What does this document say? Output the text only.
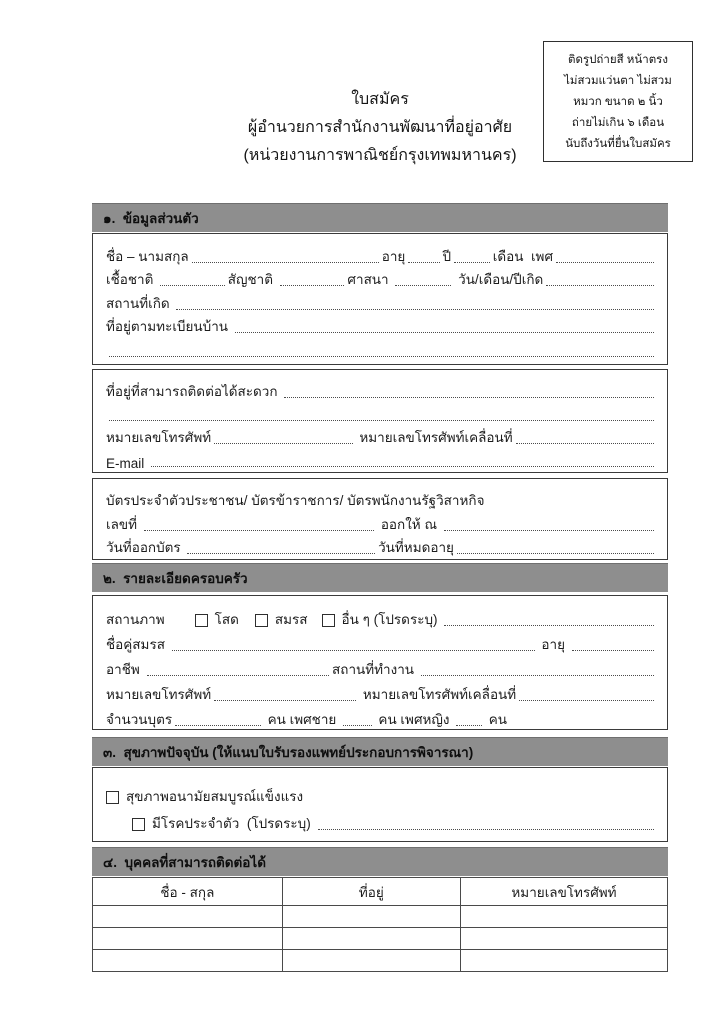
ใบสมัคร
ผู้อำนวยการสำนักงานพัฒนาที่อยู่อาศัย
(หน่วยงานการพาณิชย์กรุงเทพมหานคร)
ติดรูปถ่ายสี หน้าตรง
ไม่สวมแว่นตา ไม่สวม
หมวก ขนาด ๒ นิ้ว
ถ่ายไม่เกิน ๖ เดือน
นับถึงวันที่ยื่นใบสมัคร
๑.  ข้อมูลส่วนตัว
ชื่อ – นามสกุล	อายุ	ปี	เดือน  เพศ
เชื้อชาติ	สัญชาติ	ศาสนา	วัน/เดือน/ปีเกิด
สถานที่เกิด
ที่อยู่ตามทะเบียนบ้าน
ที่อยู่ที่สามารถติดต่อได้สะดวก
หมายเลขโทรศัพท์	หมายเลขโทรศัพท์เคลื่อนที่
E-mail
บัตรประจำตัวประชาชน/ บัตรข้าราชการ/ บัตรพนักงานรัฐวิสาหกิจ
เลขที่	ออกให้ ณ
วันที่ออกบัตร	วันที่หมดอายุ
๒.  รายละเอียดครอบครัว
สถานภาพ	โสด	สมรส	อื่น ๆ (โปรดระบุ)
ชื่อคู่สมรส	อายุ
อาชีพ	สถานที่ทำงาน
หมายเลขโทรศัพท์	หมายเลขโทรศัพท์เคลื่อนที่
จำนวนบุตร	คน เพศชาย	คน เพศหญิง คน
๓.  สุขภาพปัจจุบัน (ให้แนบใบรับรองแพทย์ประกอบการพิจารณา)
สุขภาพอนามัยสมบูรณ์แข็งแรง
มีโรคประจำตัว  (โปรดระบุ)
๔.  บุคคลที่สามารถติดต่อได้
ชื่อ - สกุล	ที่อยู่	หมายเลขโทรศัพท์
